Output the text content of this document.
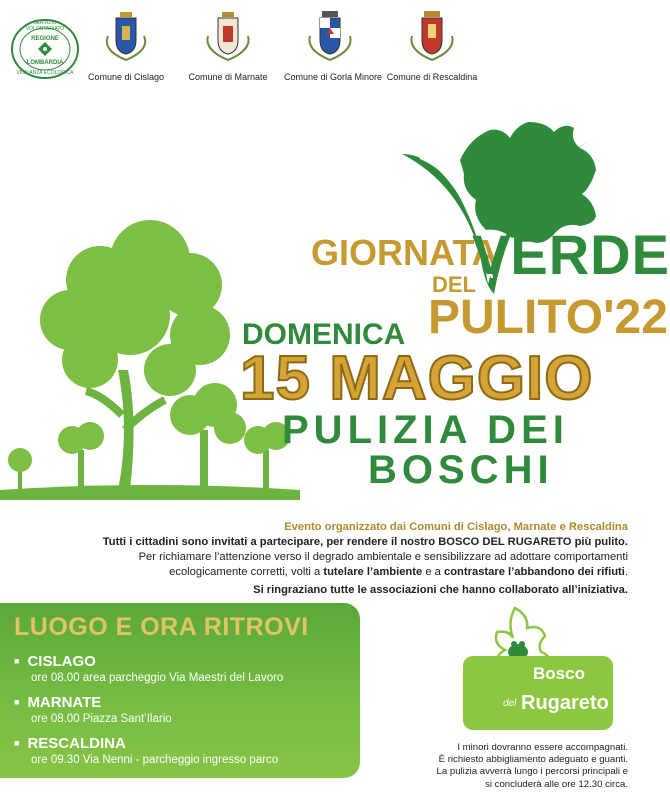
SERVIZIO VOLONTARIATO
REGIONE
LOMBARDIA
VIGILANZA ECOLOGICA	Comune di Cislago	Comune di Marnate	Comune di Gorla Minore Comune di Rescaldina
GIORNATA
VERDE
DEL
PULITO'22
DOMENICA
15 MAGGIO
PULIZIA DEI
BOSCHI
Evento organizzato dai Comuni di Cislago, Marnate e Rescaldina
Tutti i cittadini sono invitati a partecipare, per rendere il nostro BOSCO DEL RUGARETO più pulito.
Per richiamare l’attenzione verso il degrado ambientale e sensibilizzare ad adottare comportamenti
ecologicamente corretti, volti a tutelare l’ambiente e a contrastare l’abbandono dei rifiuti.
Si ringraziano tutte le associazioni che hanno collaborato all’iniziativa.
LUOGO E ORA RITROVI
■ CISLAGO
ore 08.00 area parcheggio Via Maestri del Lavoro
■ MARNATE
ore 08.00 Piazza Sant’Ilario
■ RESCALDINA
ore 09.30 Via Nenni - parcheggio ingresso parco
Bosco
del Rugareto
I minori dovranno essere accompagnati.
È richiesto abbigliamento adeguato e guanti.
La pulizia avverrà lungo i percorsi principali e
si concluderà alle ore 12.30 circa.
